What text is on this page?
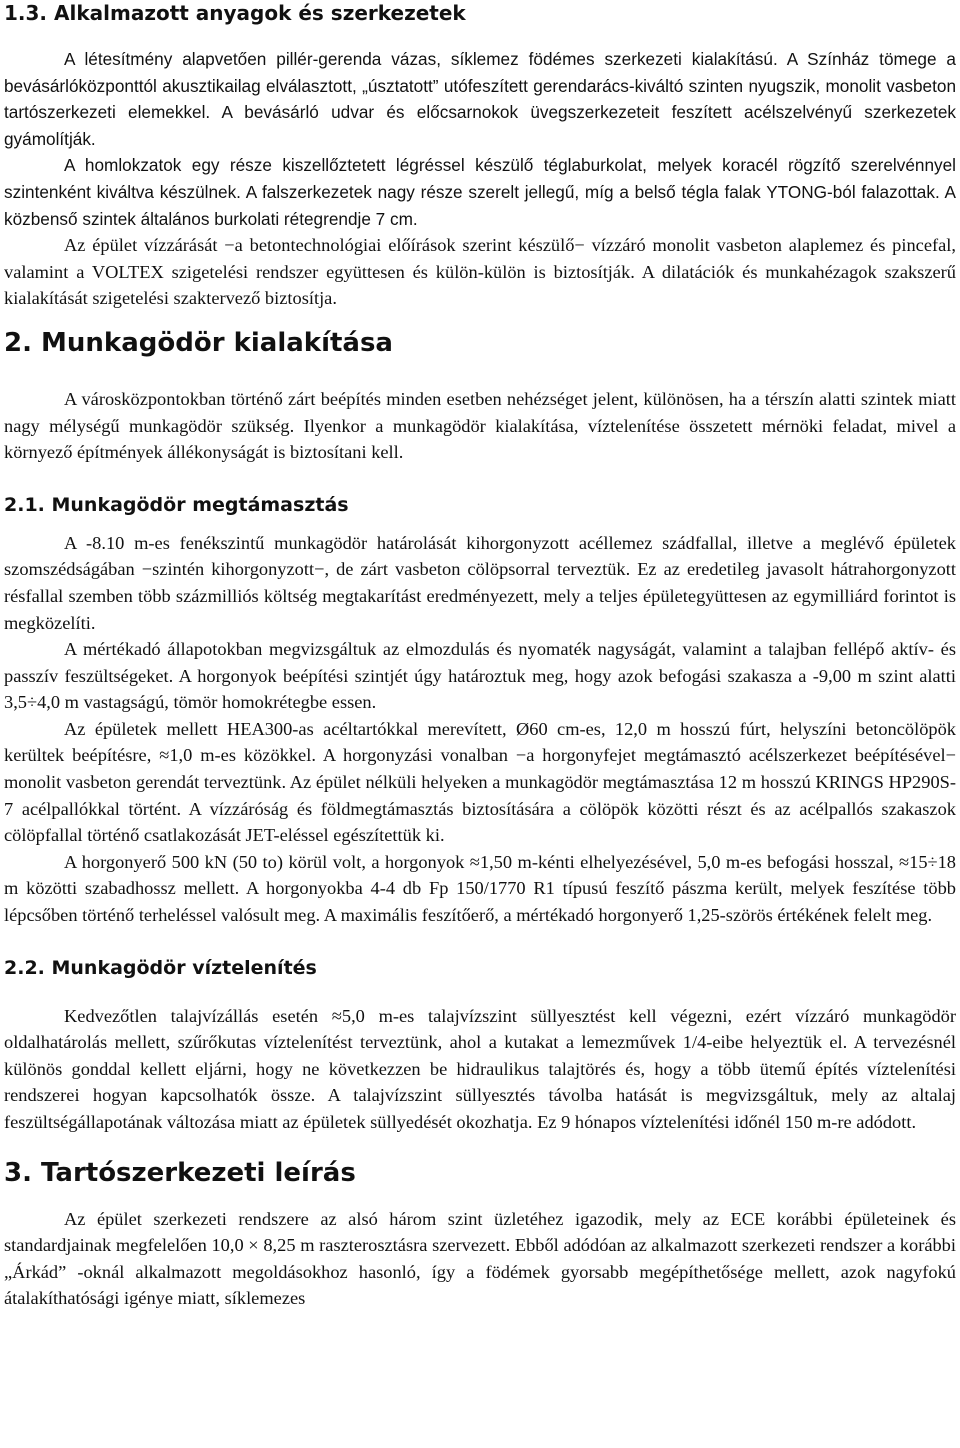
1.3. Alkalmazott anyagok és szerkezetek

A létesítmény alapvetően pillér-gerenda vázas, síklemez födémes szerkezeti kialakítású. A Színház tömege a bevásárlóközponttól akusztikailag elválasztott, „úsztatott” utófeszített gerendarács-kiváltó szinten nyugszik, monolit vasbeton tartószerkezeti elemekkel. A bevásárló udvar és előcsarnokok üvegszerkezeteit feszített acélszelvényű szerkezetek gyámolítják.

A homlokzatok egy része kiszellőztetett légréssel készülő téglaburkolat, melyek koracél rögzítő szerelvénnyel szintenként kiváltva készülnek. A falszerkezetek nagy része szerelt jellegű, míg a belső tégla falak YTONG-ból falazottak. A közbenső szintek általános burkolati rétegrendje 7 cm.

Az épület vízzárását −a betontechnológiai előírások szerint készülő− vízzáró monolit vasbeton alaplemez és pincefal, valamint a VOLTEX szigetelési rendszer együttesen és külön-külön is biztosítják. A dilatációk és munkahézagok szakszerű kialakítását szigetelési szaktervező biztosítja.

2. Munkagödör kialakítása

A városközpontokban történő zárt beépítés minden esetben nehézséget jelent, különösen, ha a térszín alatti szintek miatt nagy mélységű munkagödör szükség. Ilyenkor a munkagödör kialakítása, víztelenítése összetett mérnöki feladat, mivel a környező építmények állékonyságát is biztosítani kell.

2.1. Munkagödör megtámasztás

A -8.10 m-es fenékszintű munkagödör határolását kihorgonyzott acéllemez szádfallal, illetve a meglévő épületek szomszédságában −szintén kihorgonyzott−, de zárt vasbeton cölöpsorral terveztük. Ez az eredetileg javasolt hátrahorgonyzott résfallal szemben több százmilliós költség megtakarítást eredményezett, mely a teljes épületegyüttesen az egymilliárd forintot is megközelíti.

A mértékadó állapotokban megvizsgáltuk az elmozdulás és nyomaték nagyságát, valamint a talajban fellépő aktív- és passzív feszültségeket. A horgonyok beépítési szintjét úgy határoztuk meg, hogy azok befogási szakasza a -9,00 m szint alatti 3,5÷4,0 m vastagságú, tömör homokrétegbe essen.

Az épületek mellett HEA300-as acéltartókkal merevített, Ø60 cm-es, 12,0 m hosszú fúrt, helyszíni betoncölöpök kerültek beépítésre, ≈1,0 m-es közökkel. A horgonyzási vonalban −a horgonyfejet megtámasztó acélszerkezet beépítésével− monolit vasbeton gerendát terveztünk. Az épület nélküli helyeken a munkagödör megtámasztása 12 m hosszú KRINGS HP290S-7 acélpallókkal történt. A vízzáróság és földmegtámasztás biztosítására a cölöpök közötti részt és az acélpallós szakaszok cölöpfallal történő csatlakozását JET-eléssel egészítettük ki.

A horgonyerő 500 kN (50 to) körül volt, a horgonyok ≈1,50 m-kénti elhelyezésével, 5,0 m-es befogási hosszal, ≈15÷18 m közötti szabadhossz mellett. A horgonyokba 4-4 db Fp 150/1770 R1 típusú feszítő pászma került, melyek feszítése több lépcsőben történő terheléssel valósult meg. A maximális feszítőerő, a mértékadó horgonyerő 1,25-szörös értékének felelt meg.

2.2. Munkagödör víztelenítés

Kedvezőtlen talajvízállás esetén ≈5,0 m-es talajvízszint süllyesztést kell végezni, ezért vízzáró munkagödör oldalhatárolás mellett, szűrőkutas víztelenítést terveztünk, ahol a kutakat a lemezművek 1/4-eibe helyeztük el. A tervezésnél különös gonddal kellett eljárni, hogy ne következzen be hidraulikus talajtörés és, hogy a több ütemű építés víztelenítési rendszerei hogyan kapcsolhatók össze. A talajvízszint süllyesztés távolba hatását is megvizsgáltuk, mely az altalaj feszültségállapotának változása miatt az épületek süllyedését okozhatja. Ez 9 hónapos víztelenítési időnél 150 m-re adódott.

3. Tartószerkezeti leírás

Az épület szerkezeti rendszere az alsó három szint üzletéhez igazodik, mely az ECE korábbi épületeinek és standardjainak megfelelően 10,0 × 8,25 m raszterosztásra szervezett. Ebből adódóan az alkalmazott szerkezeti rendszer a korábbi „Árkád” -oknál alkalmazott megoldásokhoz hasonló, így a födémek gyorsabb megépíthetősége mellett, azok nagyfokú átalakíthatósági igénye miatt, síklemezes
